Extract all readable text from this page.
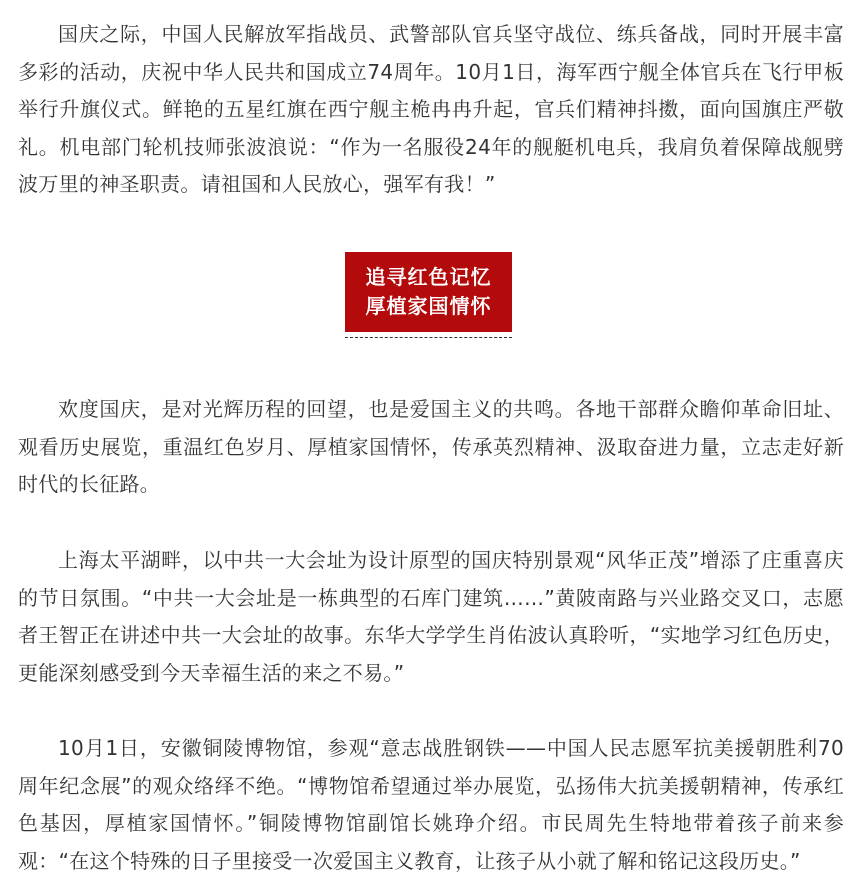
国庆之际，中国人民解放军指战员、武警部队官兵坚守战位、练兵备战，同时开展丰富多彩的活动，庆祝中华人民共和国成立74周年。10月1日，海军西宁舰全体官兵在飞行甲板举行升旗仪式。鲜艳的五星红旗在西宁舰主桅冉冉升起，官兵们精神抖擞，面向国旗庄严敬礼。机电部门轮机技师张波浪说：“作为一名服役24年的舰艇机电兵，我肩负着保障战舰劈波万里的神圣职责。请祖国和人民放心，强军有我！”

追寻红色记忆
厚植家国情怀

欢度国庆，是对光辉历程的回望，也是爱国主义的共鸣。各地干部群众瞻仰革命旧址、观看历史展览，重温红色岁月、厚植家国情怀，传承英烈精神、汲取奋进力量，立志走好新时代的长征路。

上海太平湖畔，以中共一大会址为设计原型的国庆特别景观“风华正茂”增添了庄重喜庆的节日氛围。“中共一大会址是一栋典型的石库门建筑……”黄陂南路与兴业路交叉口，志愿者王智正在讲述中共一大会址的故事。东华大学学生肖佑波认真聆听，“实地学习红色历史，更能深刻感受到今天幸福生活的来之不易。”

10月1日，安徽铜陵博物馆，参观“意志战胜钢铁——中国人民志愿军抗美援朝胜利70周年纪念展”的观众络绎不绝。“博物馆希望通过举办展览，弘扬伟大抗美援朝精神，传承红色基因，厚植家国情怀。”铜陵博物馆副馆长姚琤介绍。市民周先生特地带着孩子前来参观：“在这个特殊的日子里接受一次爱国主义教育，让孩子从小就了解和铭记这段历史。”
